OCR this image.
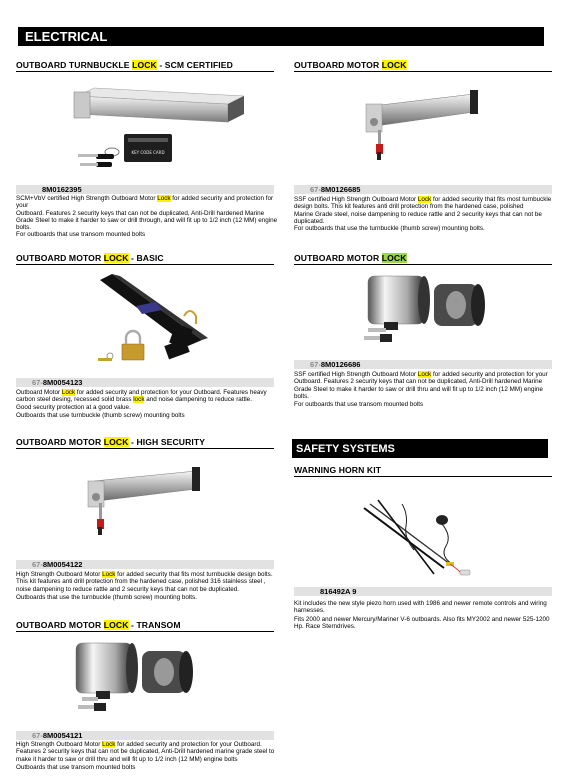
ELECTRICAL
OUTBOARD TURNBUCKLE LOCK - SCM CERTIFIED
KEY CODE CARD
8M0162395

SCM+VbV certified High Strength Outboard Motor Lock for added security and protection for your

Outboard. Features 2 security keys that can not be duplicated, Anti-Drill hardened Marine Grade Steel to make it harder to saw or drill through, and will fit up to 1/2 inch (12 MM) engine bolts.

For outboards that use transom mounted bolts

OUTBOARD MOTOR LOCK - BASIC
67-8M0054123

Outboard Motor Lock for added security and protection for your Outboard. Features heavy carbon steel desing, recessed solid brass lock and noise dampening to reduce rattle.

Good security protection at a good value.

Outboards that use turnbuckle (thumb screw) mounting bolts

OUTBOARD MOTOR LOCK - HIGH SECURITY
67-8M0054122

High Strength Outboard Motor Lock for added security that fits most turnbuckle design bolts. This kit features anti drill protection from the hardened case, polished 316 stainless steel , noise dampening to reduce rattle and 2 security keys that can not be duplicated.

Outboards that use the turnbuckle (thumb screw) mounting bolts.

OUTBOARD MOTOR LOCK - TRANSOM
67-8M0054121

High Strength Outboard Motor Lock for added security and protection for your Outboard. Features 2 security keys that can not be duplicated, Anti-Drill hardened marine grade steel to make it harder to saw or drill thru and will fit up to 1/2 inch (12 MM) engine bolts

Outboards that use transom mounted bolts

OUTBOARD MOTOR LOCK
67-8M0126685

SSF certified High Strength Outboard Motor Lock for added security that fits most turnbuckle design bolts. This kit features anti drill protection from the hardened case, polished

Marine Grade steel, noise dampening to reduce rattle and 2 security keys that can not be duplicated.

For outboards that use the turnbuckle (thumb screw) mounting bolts.

OUTBOARD MOTOR LOCK
67-8M0126686

SSF certified High Strength Outboard Motor Lock for added security and protection for your

Outboard. Features 2 security keys that can not be duplicated, Anti-Drill hardened Marine Grade Steel to make it harder to saw or drill thru and will fit up to 1/2 inch (12 MM) engine bolts.

For outboards that use transom mounted bolts

SAFETY SYSTEMS
WARNING HORN KIT
816492A 9

Kit includes the new style piezo horn used with 1986 and newer remote controls and wiring harnesses.

Fits 2000 and newer Mercury/Mariner V-6 outboards. Also fits MY2002 and newer 525-1200 Hp. Race Sterndrives.
